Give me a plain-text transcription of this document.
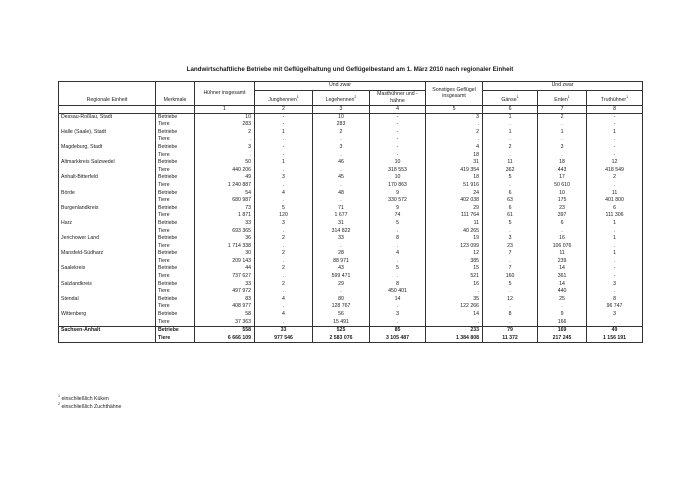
Landwirtschaftliche Betriebe mit Geflügelhaltung und Geflügelbestand am 1. März 2010 nach regionaler Einheit
Regionale Einheit	Merkmale	Hühner insgesamt	Und zwar			Sonstiges Geflügel insgesamt	Und zwar		
			Junghennen$^1$	Legehennen$^2$	Masthühner und -hähne		Gänse$^1$	Enten$^1$	Truthühner$^1$
		1	2	3	4	5	6	7	8
Dessau-Roßlau, Stadt	Betriebe	10	-	10	-	3	1	2	-
	Tiere	283	-	283	-	.	.	.	-
Halle (Saale), Stadt	Betriebe	2	1	2	-	2	1	1	1
	Tiere	.	.	.	-	.	.	.	.
Magdeburg, Stadt	Betriebe	3	-	3	-	4	2	3	-
	Tiere	.	-	.	-	18	.	.	-
Altmarkkreis Salzwedel	Betriebe	50	1	46	10	31	11	18	12
	Tiere	440 206	.	.	318 553	419 354	362	443	418 549
Anhalt-Bitterfeld	Betriebe	49	3	45	10	18	5	17	2
	Tiere	1 240 887	.	.	170 863	51 916	.	50 610	.
Börde	Betriebe	54	4	48	9	24	6	10	11
	Tiere	680 987	.	.	330 572	402 038	63	175	401 800
Burgenlandkreis	Betriebe	73	5	71	9	29	6	23	6
	Tiere	1 871	120	1 677	74	111 764	61	397	111 306
Harz	Betriebe	33	3	31	5	11	5	6	1
	Tiere	693 365	.	314 822	.	40 265	.	.	.
Jerichower Land	Betriebe	36	2	33	8	19	3	16	1
	Tiere	1 714 338	.	.	.	123 099	23	106 076	.
Mansfeld-Südharz	Betriebe	30	2	28	4	12	7	11	1
	Tiere	209 143	.	88 971	.	385	.	239	.
Saalekreis	Betriebe	44	2	43	5	15	7	14	-
	Tiere	737 627	.	599 471	.	521	160	361	-
Salzlandkreis	Betriebe	33	2	29	8	16	5	14	3
	Tiere	497 972	.	.	450 401	.	.	440	.
Stendal	Betriebe	83	4	80	14	35	12	25	8
	Tiere	408 977	.	128 767	.	122 266	.	.	96 747
Wittenberg	Betriebe	58	4	56	3	14	8	9	3
	Tiere	37 363	.	15 491	.	.	.	166	.
Sachsen-Anhalt	Betriebe	558	33	525	85	233	79	169	49
	Tiere	6 666 109	977 546	2 583 076	3 105 487	1 384 808	11 372	217 245	1 156 191
$^1$ einschließlich Küken
$^2$ einschließlich Zuchthähne
